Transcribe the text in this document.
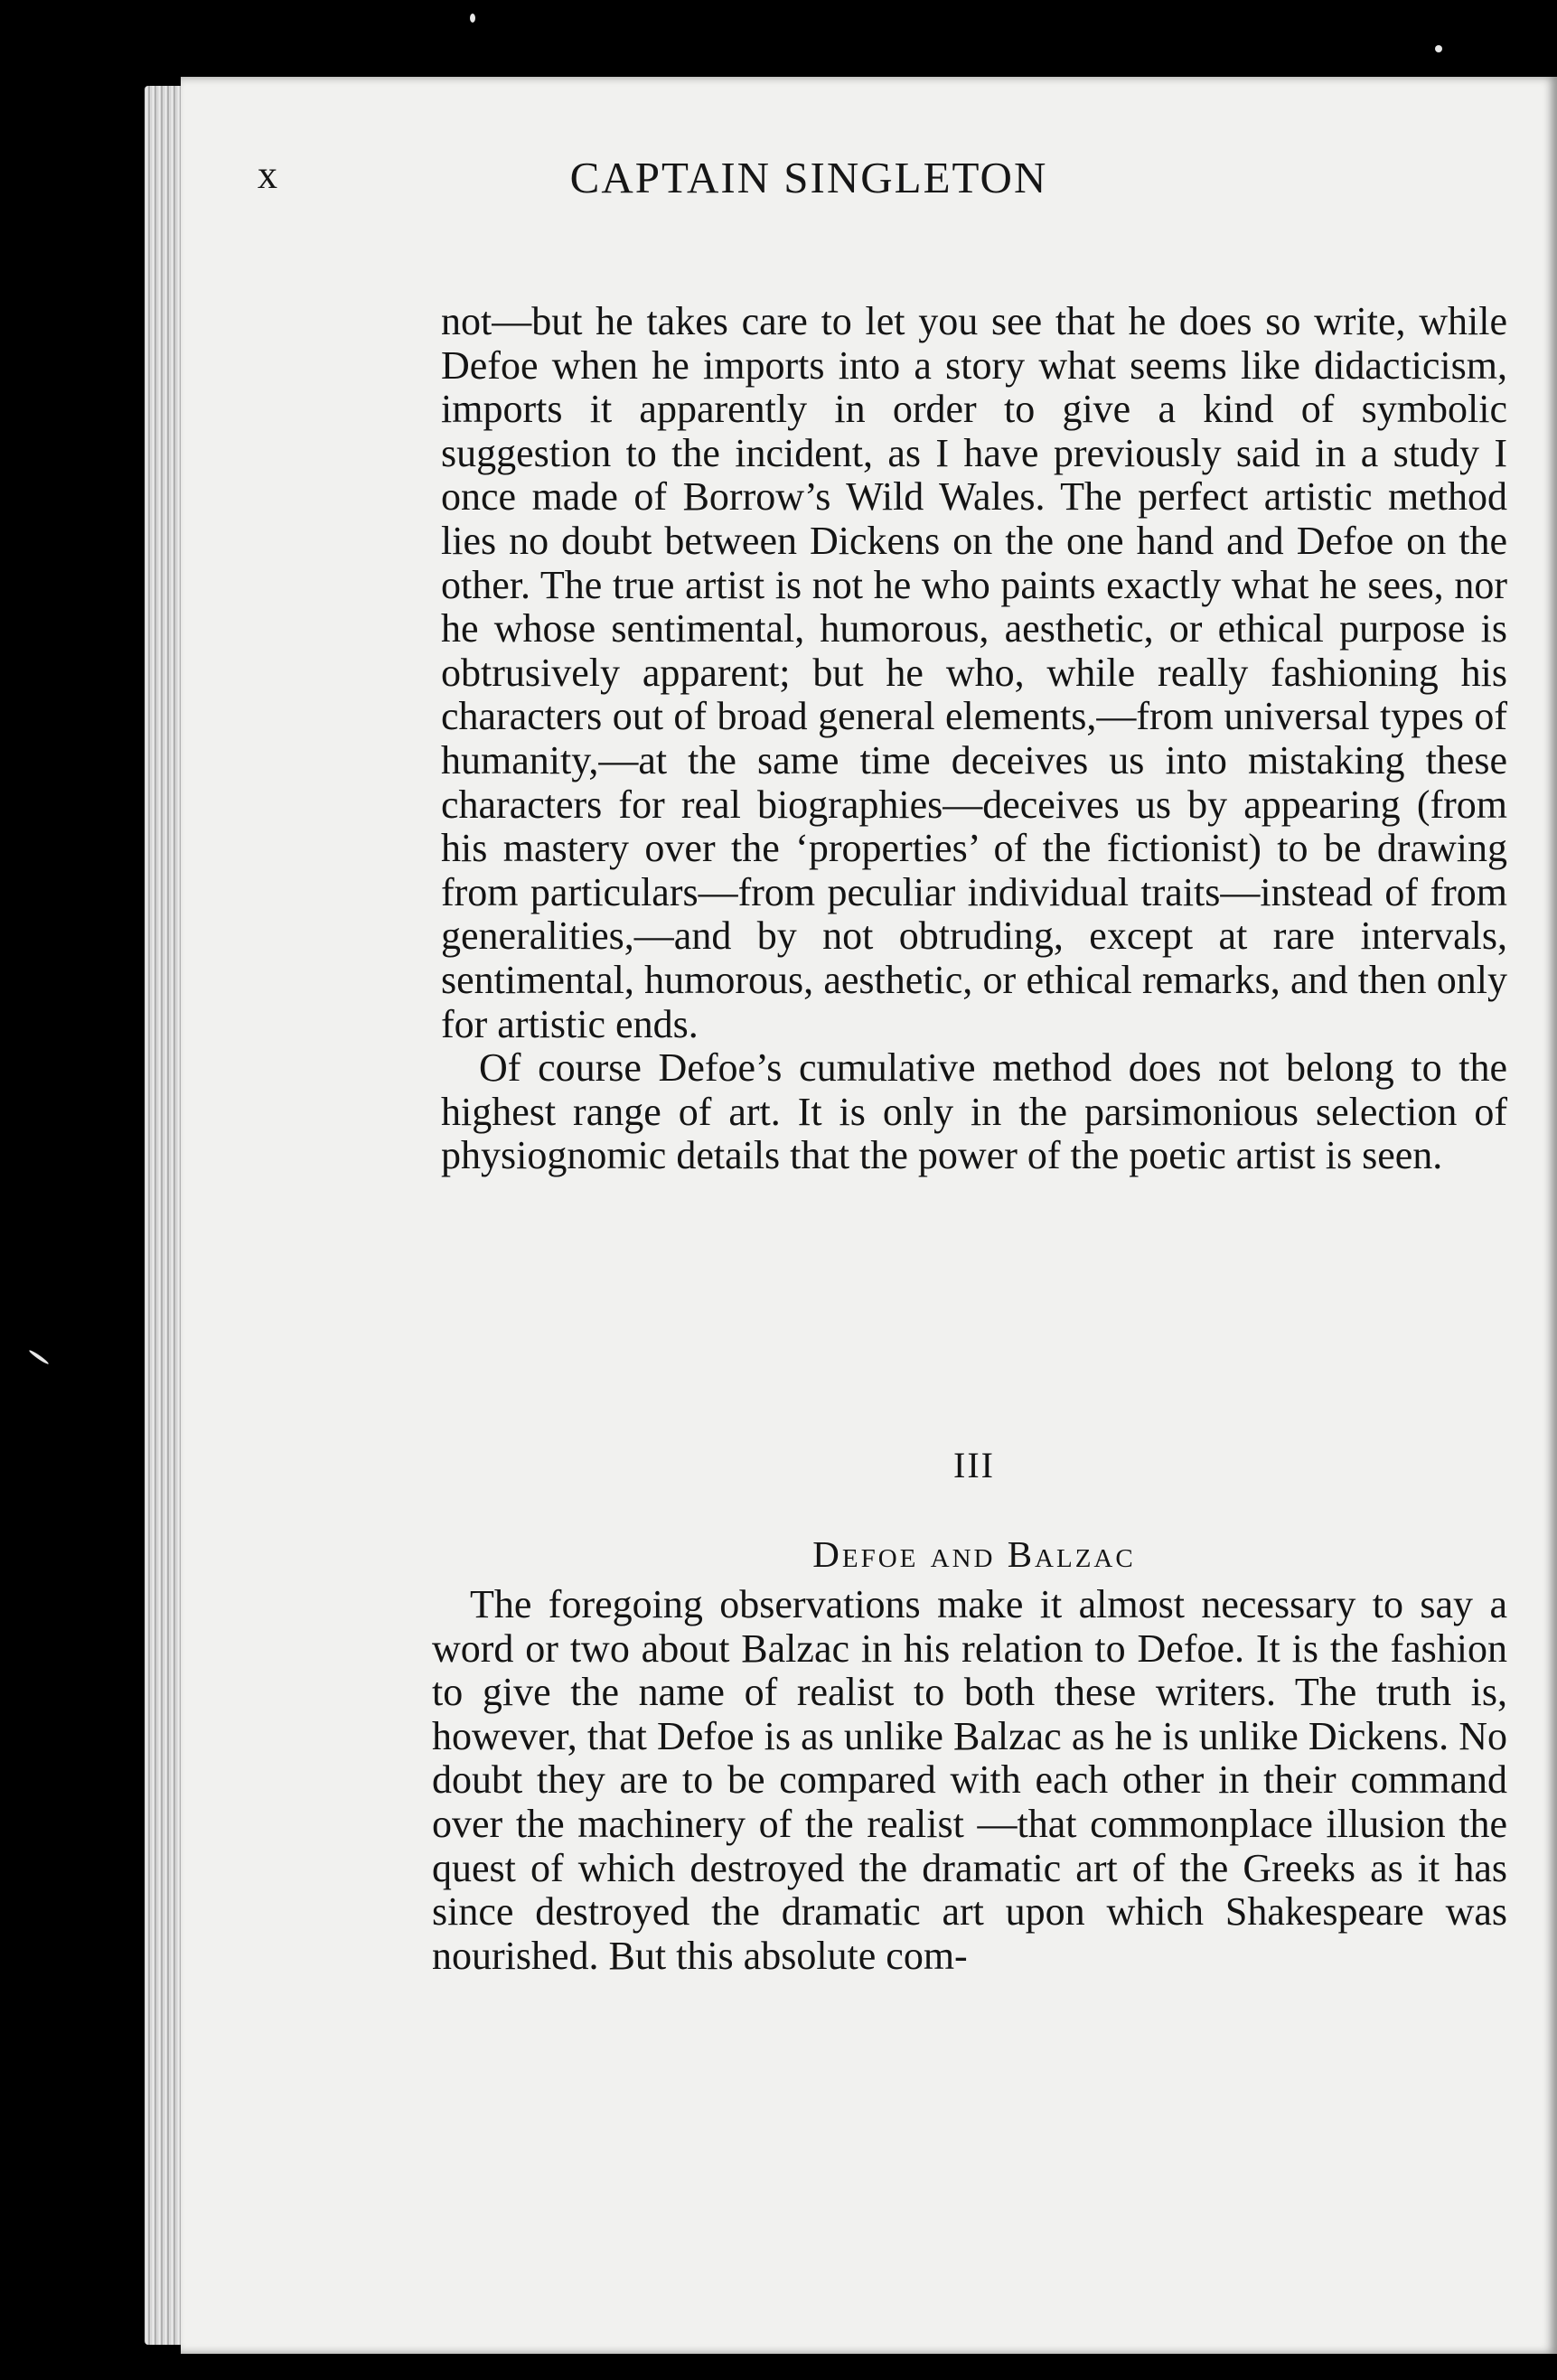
x	CAPTAIN SINGLETON

not—but he takes care to let you see that he does so write, while Defoe when he imports into a story what seems like didacticism, imports it apparently in order to give a kind of symbolic suggestion to the incident, as I have previously said in a study I once made of Borrow’s Wild Wales. The perfect artistic method lies no doubt between Dickens on the one hand and Defoe on the other. The true artist is not he who paints exactly what he sees, nor he whose sentimental, humorous, aesthetic, or ethical purpose is obtrusively apparent; but he who, while really fashioning his characters out of broad general elements,—from universal types of humanity,—at the same time deceives us into mistaking these characters for real biographies—deceives us by appearing (from his mastery over the ‘properties’ of the fictionist) to be drawing from particulars—from peculiar individual traits—instead of from generalities,—and by not obtruding, except at rare intervals, sentimental, humorous, aesthetic, or ethical remarks, and then only for artistic ends.

Of course Defoe’s cumulative method does not belong to the highest range of art. It is only in the parsimonious selection of physiognomic details that the power of the poetic artist is seen.

III
Defoe and Balzac

The foregoing observations make it almost necessary to say a word or two about Balzac in his relation to Defoe. It is the fashion to give the name of realist to both these writers. The truth is, however, that Defoe is as unlike Balzac as he is unlike Dickens. No doubt they are to be compared with each other in their command over the machinery of the realist —that commonplace illusion the quest of which destroyed the dramatic art of the Greeks as it has since destroyed the dramatic art upon which Shakespeare was nourished. But this absolute com-
